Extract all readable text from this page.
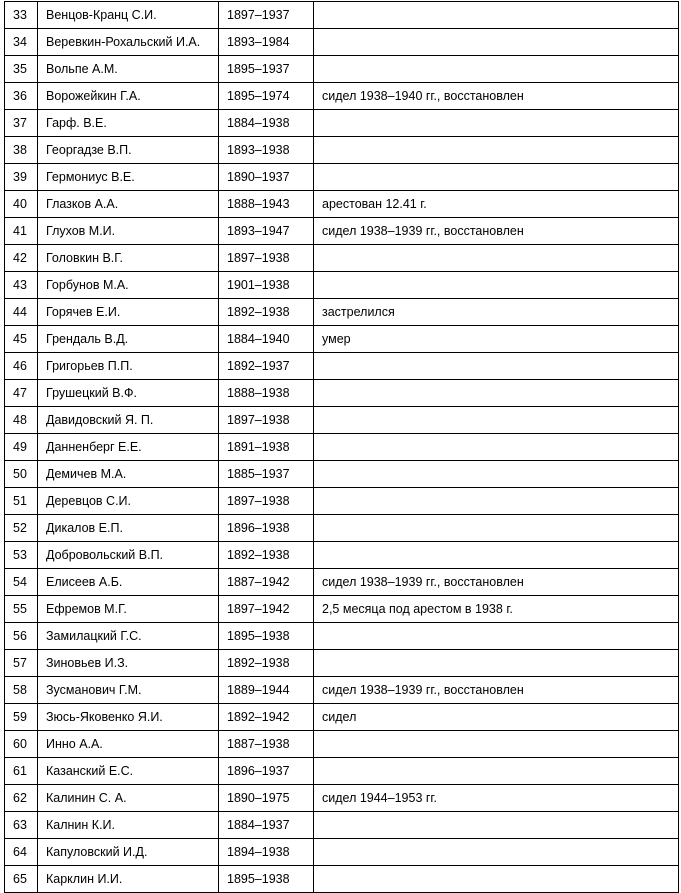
33	Венцов-Кранц С.И.	1897–1937	
34	Веревкин-Рохальский И.А.	1893–1984	
35	Вольпе А.М.	1895–1937	
36	Ворожейкин Г.А.	1895–1974	сидел 1938–1940 гг., восстановлен
37	Гарф. В.Е.	1884–1938	
38	Георгадзе В.П.	1893–1938	
39	Гермониус В.Е.	1890–1937	
40	Глазков А.А.	1888–1943	арестован 12.41 г.
41	Глухов М.И.	1893–1947	сидел 1938–1939 гг., восстановлен
42	Головкин В.Г.	1897–1938	
43	Горбунов М.А.	1901–1938	
44	Горячев Е.И.	1892–1938	застрелился
45	Грендаль В.Д.	1884–1940	умер
46	Григорьев П.П.	1892–1937	
47	Грушецкий В.Ф.	1888–1938	
48	Давидовский Я. П.	1897–1938	
49	Данненберг Е.Е.	1891–1938	
50	Демичев М.А.	1885–1937	
51	Деревцов С.И.	1897–1938	
52	Дикалов Е.П.	1896–1938	
53	Добровольский В.П.	1892–1938	
54	Елисеев А.Б.	1887–1942	сидел 1938–1939 гг., восстановлен
55	Ефремов М.Г.	1897–1942	2,5 месяца под арестом в 1938 г.
56	Замилацкий Г.С.	1895–1938	
57	Зиновьев И.З.	1892–1938	
58	Зусманович Г.М.	1889–1944	сидел 1938–1939 гг., восстановлен
59	Зюсь-Яковенко Я.И.	1892–1942	сидел
60	Инно А.А.	1887–1938	
61	Казанский Е.С.	1896–1937	
62	Калинин С. А.	1890–1975	сидел 1944–1953 гг.
63	Калнин К.И.	1884–1937	
64	Капуловский И.Д.	1894–1938	
65	Карклин И.И.	1895–1938	
